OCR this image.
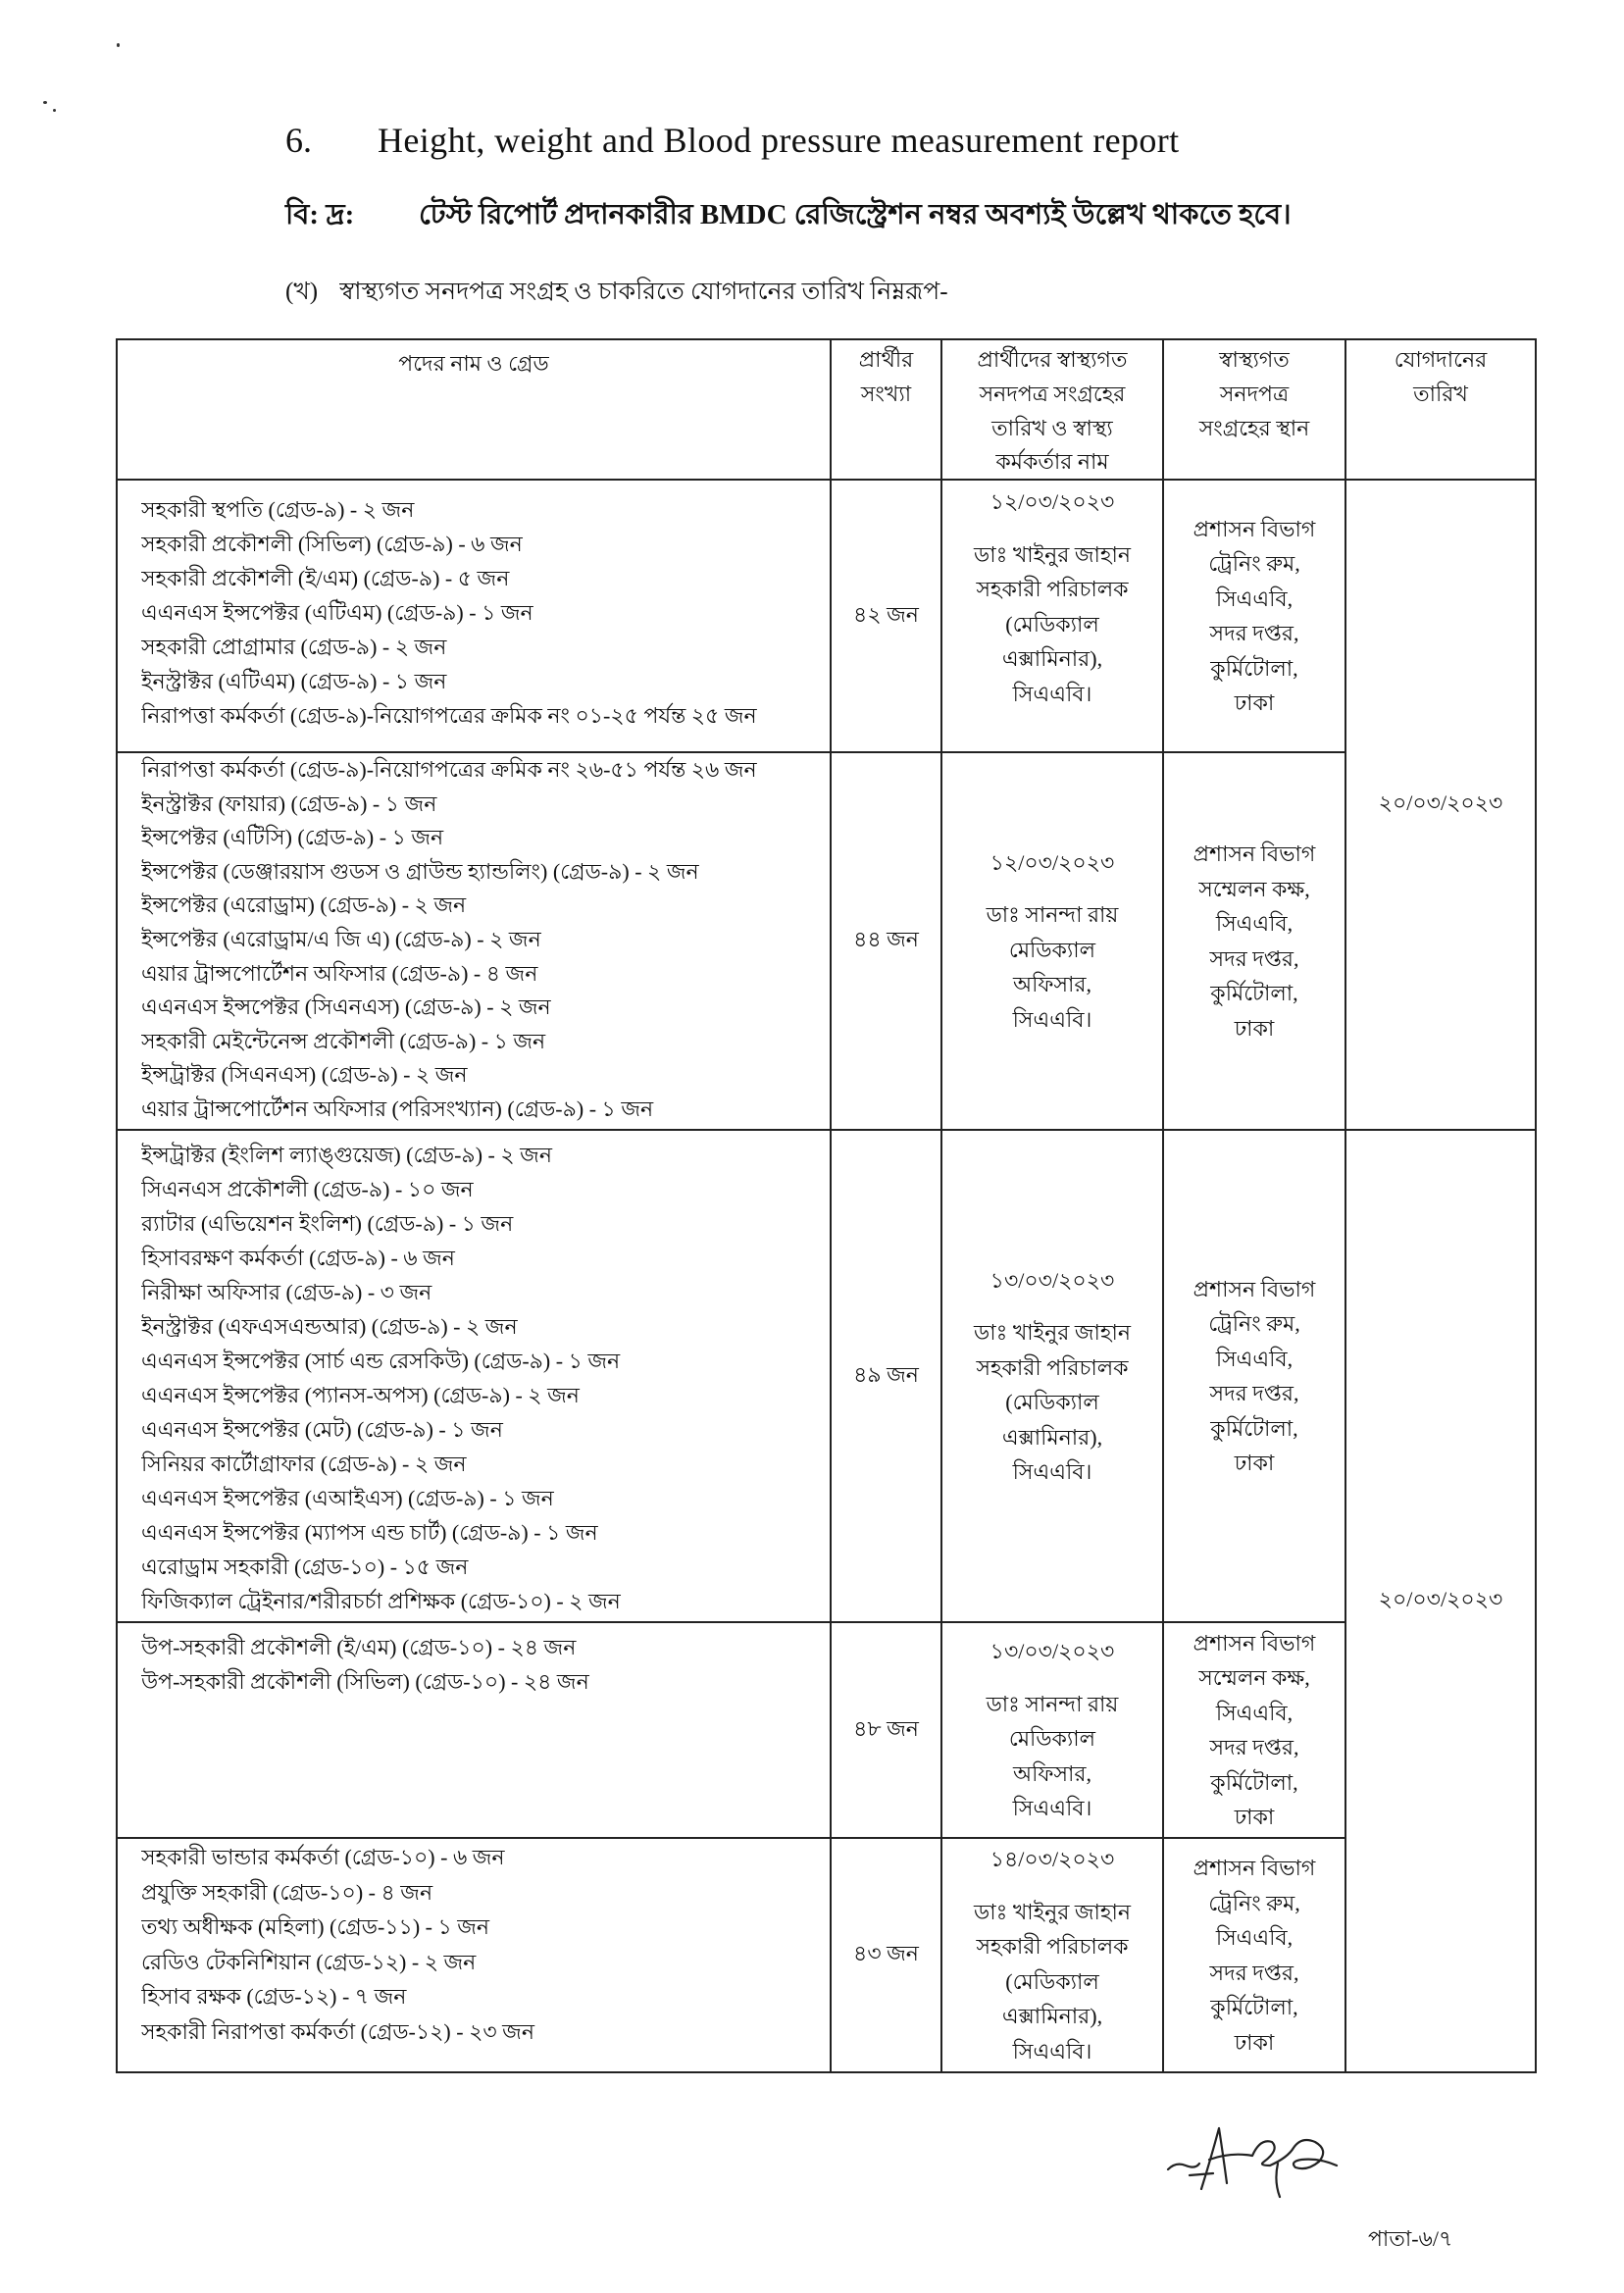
6. Height, weight and Blood pressure measurement report
বি: দ্র: টেস্ট রিপোর্ট প্রদানকারীর BMDC রেজিস্ট্রেশন নম্বর অবশ্যই উল্লেখ থাকতে হবে।
(খ) স্বাস্থ্যগত সনদপত্র সংগ্রহ ও চাকরিতে যোগদানের তারিখ নিম্নরূপ-
পদের নাম ও গ্রেড	প্রার্থীর
সংখ্যা
প্রার্থীদের স্বাস্থ্যগত
সনদপত্র সংগ্রহের
তারিখ ও স্বাস্থ্য
কর্মকর্তার নাম
স্বাস্থ্যগত
সনদপত্র
সংগ্রহের স্থান
যোগদানের
তারিখ
সহকারী স্থপতি (গ্রেড-৯) - ২ জন
সহকারী প্রকৌশলী (সিভিল) (গ্রেড-৯) - ৬ জন
সহকারী প্রকৌশলী (ই/এম) (গ্রেড-৯) - ৫ জন
এএনএস ইন্সপেক্টর (এটিএম) (গ্রেড-৯) - ১ জন
সহকারী প্রোগ্রামার (গ্রেড-৯) - ২ জন
ইনস্ট্রাক্টর (এটিএম) (গ্রেড-৯) - ১ জন
নিরাপত্তা কর্মকর্তা (গ্রেড-৯)-নিয়োগপত্রের ক্রমিক নং ০১-২৫ পর্যন্ত ২৫ জন
৪২ জন
১২/০৩/২০২৩
ডাঃ খাইনুর জাহান
সহকারী পরিচালক
(মেডিক্যাল
এক্সামিনার),
সিএএবি।
প্রশাসন বিভাগ
ট্রেনিং রুম,
সিএএবি,
সদর দপ্তর,
কুর্মিটোলা,
ঢাকা
২০/০৩/২০২৩
নিরাপত্তা কর্মকর্তা (গ্রেড-৯)-নিয়োগপত্রের ক্রমিক নং ২৬-৫১ পর্যন্ত ২৬ জন
ইনস্ট্রাক্টর (ফায়ার) (গ্রেড-৯) - ১ জন
ইন্সপেক্টর (এটিসি) (গ্রেড-৯) - ১ জন
ইন্সপেক্টর (ডেঞ্জারয়াস গুডস ও গ্রাউন্ড হ্যান্ডলিং) (গ্রেড-৯) - ২ জন
ইন্সপেক্টর (এরোড্রাম) (গ্রেড-৯) - ২ জন
ইন্সপেক্টর (এরোড্রাম/এ জি এ) (গ্রেড-৯) - ২ জন
এয়ার ট্রান্সপোর্টেশন অফিসার (গ্রেড-৯) - ৪ জন
এএনএস ইন্সপেক্টর (সিএনএস) (গ্রেড-৯) - ২ জন
সহকারী মেইন্টেনেন্স প্রকৌশলী (গ্রেড-৯) - ১ জন
ইন্সট্রাক্টর (সিএনএস) (গ্রেড-৯) - ২ জন
এয়ার ট্রান্সপোর্টেশন অফিসার (পরিসংখ্যান) (গ্রেড-৯) - ১ জন
৪৪ জন
১২/০৩/২০২৩
ডাঃ সানন্দা রায়
মেডিক্যাল
অফিসার,
সিএএবি।
প্রশাসন বিভাগ
সম্মেলন কক্ষ,
সিএএবি,
সদর দপ্তর,
কুর্মিটোলা,
ঢাকা
ইন্সট্রাক্টর (ইংলিশ ল্যাঙ্গুয়েজ) (গ্রেড-৯) - ২ জন
সিএনএস প্রকৌশলী (গ্রেড-৯) - ১০ জন
র‍্যাটার (এভিয়েশন ইংলিশ) (গ্রেড-৯) - ১ জন
হিসাবরক্ষণ কর্মকর্তা (গ্রেড-৯) - ৬ জন
নিরীক্ষা অফিসার (গ্রেড-৯) - ৩ জন
ইনস্ট্রাক্টর (এফএসএন্ডআর) (গ্রেড-৯) - ২ জন
এএনএস ইন্সপেক্টর (সার্চ এন্ড রেসকিউ) (গ্রেড-৯) - ১ জন
এএনএস ইন্সপেক্টর (প্যানস-অপস) (গ্রেড-৯) - ২ জন
এএনএস ইন্সপেক্টর (মেট) (গ্রেড-৯) - ১ জন
সিনিয়র কার্টোগ্রাফার (গ্রেড-৯) - ২ জন
এএনএস ইন্সপেক্টর (এআইএস) (গ্রেড-৯) - ১ জন
এএনএস ইন্সপেক্টর (ম্যাপস এন্ড চার্ট) (গ্রেড-৯) - ১ জন
এরোড্রাম সহকারী (গ্রেড-১০) - ১৫ জন
ফিজিক্যাল ট্রেইনার/শরীরচর্চা প্রশিক্ষক (গ্রেড-১০) - ২ জন
৪৯ জন
১৩/০৩/২০২৩
ডাঃ খাইনুর জাহান
সহকারী পরিচালক
(মেডিক্যাল
এক্সামিনার),
সিএএবি।
প্রশাসন বিভাগ
ট্রেনিং রুম,
সিএএবি,
সদর দপ্তর,
কুর্মিটোলা,
ঢাকা
২০/০৩/২০২৩
উপ-সহকারী প্রকৌশলী (ই/এম) (গ্রেড-১০) - ২৪ জন
উপ-সহকারী প্রকৌশলী (সিভিল) (গ্রেড-১০) - ২৪ জন
৪৮ জন
১৩/০৩/২০২৩
ডাঃ সানন্দা রায়
মেডিক্যাল
অফিসার,
সিএএবি।
প্রশাসন বিভাগ
সম্মেলন কক্ষ,
সিএএবি,
সদর দপ্তর,
কুর্মিটোলা,
ঢাকা
সহকারী ভান্ডার কর্মকর্তা (গ্রেড-১০) - ৬ জন
প্রযুক্তি সহকারী (গ্রেড-১০) - ৪ জন
তথ্য অধীক্ষক (মহিলা) (গ্রেড-১১) - ১ জন
রেডিও টেকনিশিয়ান (গ্রেড-১২) - ২ জন
হিসাব রক্ষক (গ্রেড-১২) - ৭ জন
সহকারী নিরাপত্তা কর্মকর্তা (গ্রেড-১২) - ২৩ জন
৪৩ জন
১৪/০৩/২০২৩
ডাঃ খাইনুর জাহান
সহকারী পরিচালক
(মেডিক্যাল
এক্সামিনার),
সিএএবি।
প্রশাসন বিভাগ
ট্রেনিং রুম,
সিএএবি,
সদর দপ্তর,
কুর্মিটোলা,
ঢাকা
পাতা-৬/৭
